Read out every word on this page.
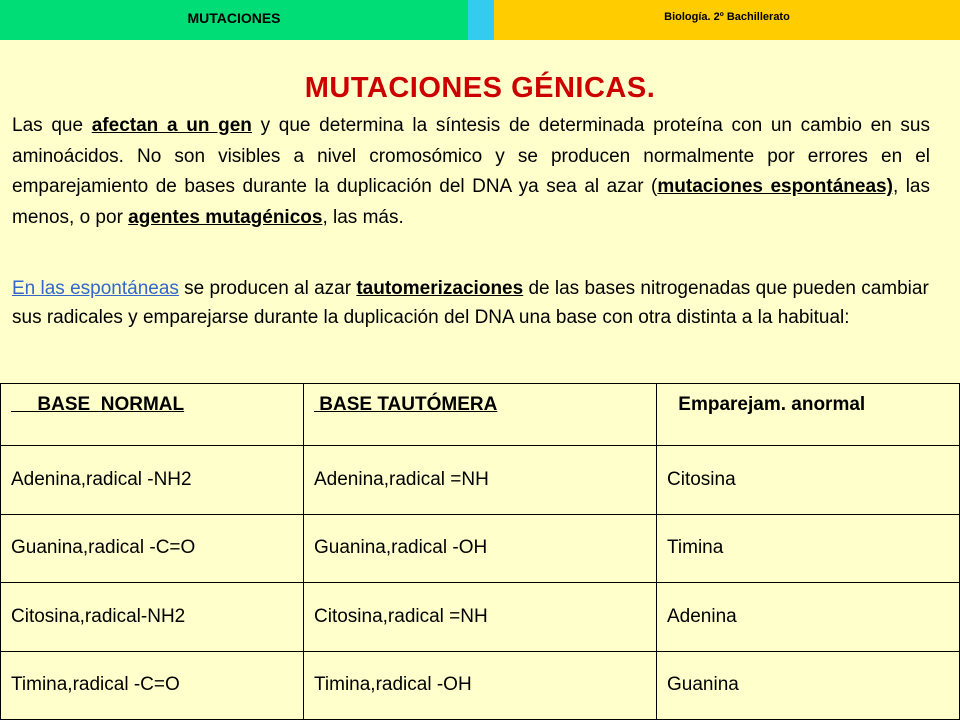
MUTACIONES	Biología. 2º Bachillerato
MUTACIONES GÉNICAS.
Las que afectan a un gen y que determina la síntesis de determinada proteína con un cambio en sus aminoácidos. No son visibles a nivel cromosómico y se producen normalmente por errores en el emparejamiento de bases durante la duplicación del DNA ya sea al azar (mutaciones espontáneas), las menos, o por agentes mutagénicos, las más.
En las espontáneas se producen al azar tautomerizaciones de las bases nitrogenadas que pueden cambiar sus radicales y emparejarse durante la duplicación del DNA una base con otra distinta a la habitual:
BASE  NORMAL	BASE TAUTÓMERA	Emparejam. anormal
Adenina,radical -NH2	Adenina,radical =NH	Citosina
Guanina,radical -C=O	Guanina,radical -OH	Timina
Citosina,radical-NH2	Citosina,radical =NH	Adenina
Timina,radical -C=O	Timina,radical -OH	Guanina
